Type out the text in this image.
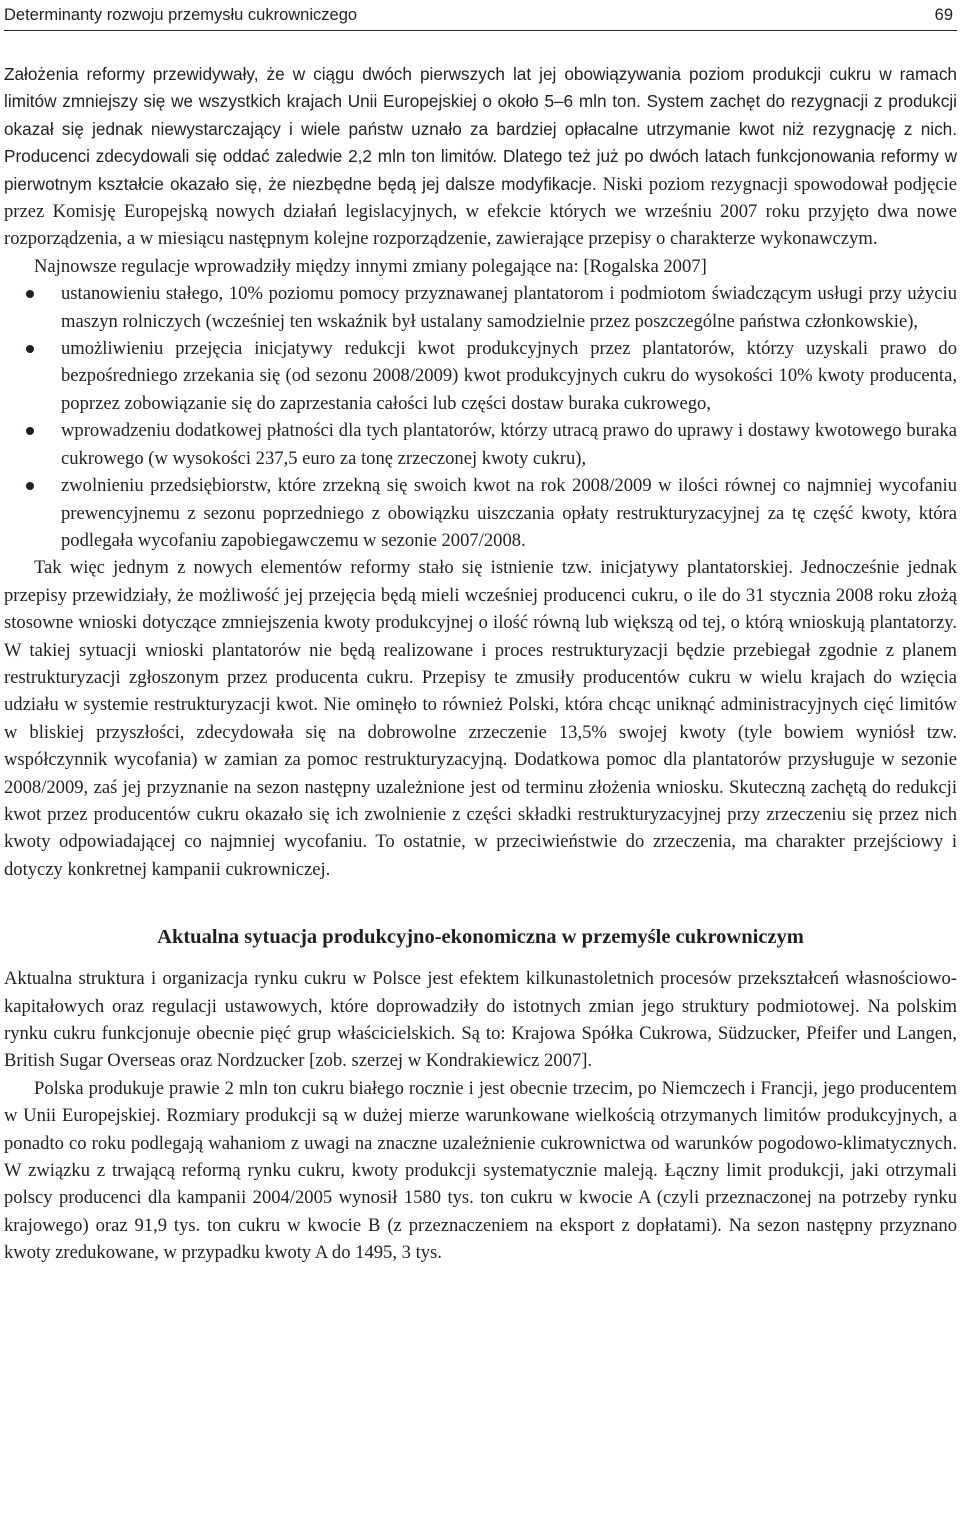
Determinanty rozwoju przemysłu cukrowniczego	69

Założenia reformy przewidywały, że w ciągu dwóch pierwszych lat jej obowiązywania poziom produkcji cukru w ramach limitów zmniejszy się we wszystkich krajach Unii Europejskiej o około 5–6 mln ton. System zachęt do rezygnacji z produkcji okazał się jednak niewystarczający i wiele państw uznało za bardziej opłacalne utrzymanie kwot niż rezygnację z nich. Producenci zdecydowali się oddać zaledwie 2,2 mln ton limitów. Dlatego też już po dwóch latach funkcjonowania reformy w pierwotnym kształcie okazało się, że niezbędne będą jej dalsze modyfikacje. Niski poziom rezygnacji spowodował podjęcie przez Komisję Europejską nowych działań legislacyjnych, w efekcie których we wrześniu 2007 roku przyjęto dwa nowe rozporządzenia, a w miesiącu następnym kolejne rozporządzenie, zawierające przepisy o charakterze wykonawczym.

Najnowsze regulacje wprowadziły między innymi zmiany polegające na: [Rogalska 2007]

ustanowieniu stałego, 10% poziomu pomocy przyznawanej plantatorom i podmiotom świadczącym usługi przy użyciu maszyn rolniczych (wcześniej ten wskaźnik był ustalany samodzielnie przez poszczególne państwa członkowskie),
umożliwieniu przejęcia inicjatywy redukcji kwot produkcyjnych przez plantatorów, którzy uzyskali prawo do bezpośredniego zrzekania się (od sezonu 2008/2009) kwot produkcyjnych cukru do wysokości 10% kwoty producenta, poprzez zobowiązanie się do zaprzestania całości lub części dostaw buraka cukrowego,
wprowadzeniu dodatkowej płatności dla tych plantatorów, którzy utracą prawo do uprawy i dostawy kwotowego buraka cukrowego (w wysokości 237,5 euro za tonę zrzeczonej kwoty cukru),
zwolnieniu przedsiębiorstw, które zrzekną się swoich kwot na rok 2008/2009 w ilości równej co najmniej wycofaniu prewencyjnemu z sezonu poprzedniego z obowiązku uiszczania opłaty restrukturyzacyjnej za tę część kwoty, która podlegała wycofaniu zapobiegawczemu w sezonie 2007/2008.

Tak więc jednym z nowych elementów reformy stało się istnienie tzw. inicjatywy plantatorskiej. Jednocześnie jednak przepisy przewidziały, że możliwość jej przejęcia będą mieli wcześniej producenci cukru, o ile do 31 stycznia 2008 roku złożą stosowne wnioski dotyczące zmniejszenia kwoty produkcyjnej o ilość równą lub większą od tej, o którą wnioskują plantatorzy. W takiej sytuacji wnioski plantatorów nie będą realizowane i proces restrukturyzacji będzie przebiegał zgodnie z planem restrukturyzacji zgłoszonym przez producenta cukru. Przepisy te zmusiły producentów cukru w wielu krajach do wzięcia udziału w systemie restrukturyzacji kwot. Nie ominęło to również Polski, która chcąc uniknąć administracyjnych cięć limitów w bliskiej przyszłości, zdecydowała się na dobrowolne zrzeczenie 13,5% swojej kwoty (tyle bowiem wyniósł tzw. współczynnik wycofania) w zamian za pomoc restrukturyzacyjną. Dodatkowa pomoc dla plantatorów przysługuje w sezonie 2008/2009, zaś jej przyznanie na sezon następny uzależnione jest od terminu złożenia wniosku. Skuteczną zachętą do redukcji kwot przez producentów cukru okazało się ich zwolnienie z części składki restrukturyzacyjnej przy zrzeczeniu się przez nich kwoty odpowiadającej co najmniej wycofaniu. To ostatnie, w przeciwieństwie do zrzeczenia, ma charakter przejściowy i dotyczy konkretnej kampanii cukrowniczej.

Aktualna sytuacja produkcyjno-ekonomiczna w przemyśle cukrowniczym

Aktualna struktura i organizacja rynku cukru w Polsce jest efektem kilkunastoletnich procesów przekształceń własnościowo-kapitałowych oraz regulacji ustawowych, które doprowadziły do istotnych zmian jego struktury podmiotowej. Na polskim rynku cukru funkcjonuje obecnie pięć grup właścicielskich. Są to: Krajowa Spółka Cukrowa, Südzucker, Pfeifer und Langen, British Sugar Overseas oraz Nordzucker [zob. szerzej w Kondrakiewicz 2007].

Polska produkuje prawie 2 mln ton cukru białego rocznie i jest obecnie trzecim, po Niemczech i Francji, jego producentem w Unii Europejskiej. Rozmiary produkcji są w dużej mierze warunkowane wielkością otrzymanych limitów produkcyjnych, a ponadto co roku podlegają wahaniom z uwagi na znaczne uzależnienie cukrownictwa od warunków pogodowo-klimatycznych. W związku z trwającą reformą rynku cukru, kwoty produkcji systematycznie maleją. Łączny limit produkcji, jaki otrzymali polscy producenci dla kampanii 2004/2005 wynosił 1580 tys. ton cukru w kwocie A (czyli przeznaczonej na potrzeby rynku krajowego) oraz 91,9 tys. ton cukru w kwocie B (z przeznaczeniem na eksport z dopłatami). Na sezon następny przyznano kwoty zredukowane, w przypadku kwoty A do 1495, 3 tys.
